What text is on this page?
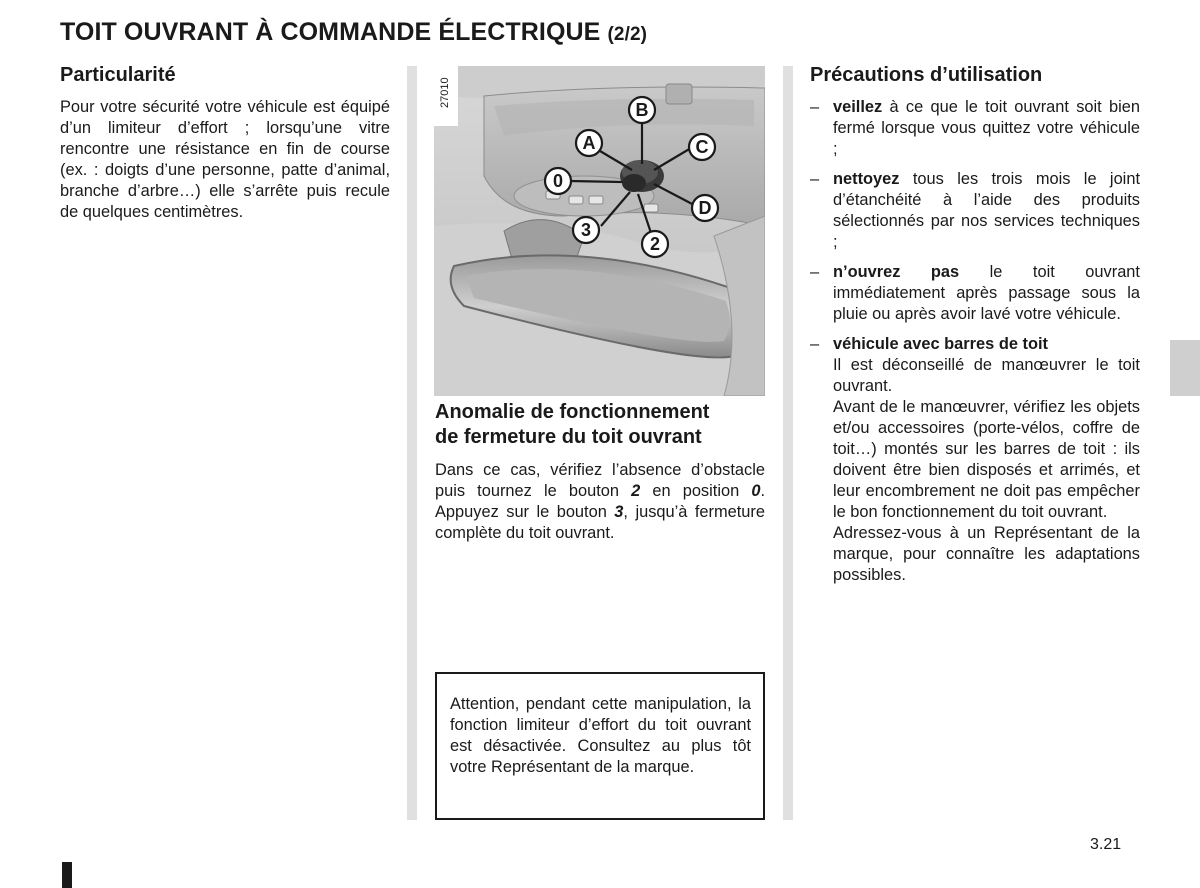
TOIT OUVRANT À COMMANDE ÉLECTRIQUE (2/2)
Particularité
Pour votre sécurité votre véhicule est équipé d’un limiteur d’effort ; lorsqu’une vitre rencontre une résistance en fin de course (ex. : doigts d’une personne, patte d’animal, branche d’arbre…) elle s’arrête puis recule de quelques centimètres.
B
A	C
0
D
3
2
27010
Anomalie de fonctionnement
de fermeture du toit ouvrant
Dans ce cas, vérifiez l’absence d’obstacle puis tournez le bouton 2 en position 0. Appuyez sur le bouton 3, jusqu’à fermeture complète du toit ouvrant.

Attention, pendant cette manipulation, la fonction limiteur d’effort du toit ouvrant est désactivée. Consultez au plus tôt votre Représentant de la marque.

Précautions d’utilisation
– veillez à ce que le toit ouvrant soit bien fermé lorsque vous quittez votre véhicule ;

– nettoyez tous les trois mois le joint d’étanchéité à l’aide des produits sélectionnés par nos services techniques ;

– n’ouvrez pas le toit ouvrant immédiatement après passage sous la pluie ou après avoir lavé votre véhicule.

– véhicule avec barres de toit
Il est déconseillé de manœuvrer le toit ouvrant.
Avant de le manœuvrer, vérifiez les objets et/ou accessoires (porte-vélos, coffre de toit…) montés sur les barres de toit : ils doivent être bien disposés et arrimés, et leur encombrement ne doit pas empêcher le bon fonctionnement du toit ouvrant.
Adressez-vous à un Représentant de la marque, pour connaître les adaptations possibles.

3.21
